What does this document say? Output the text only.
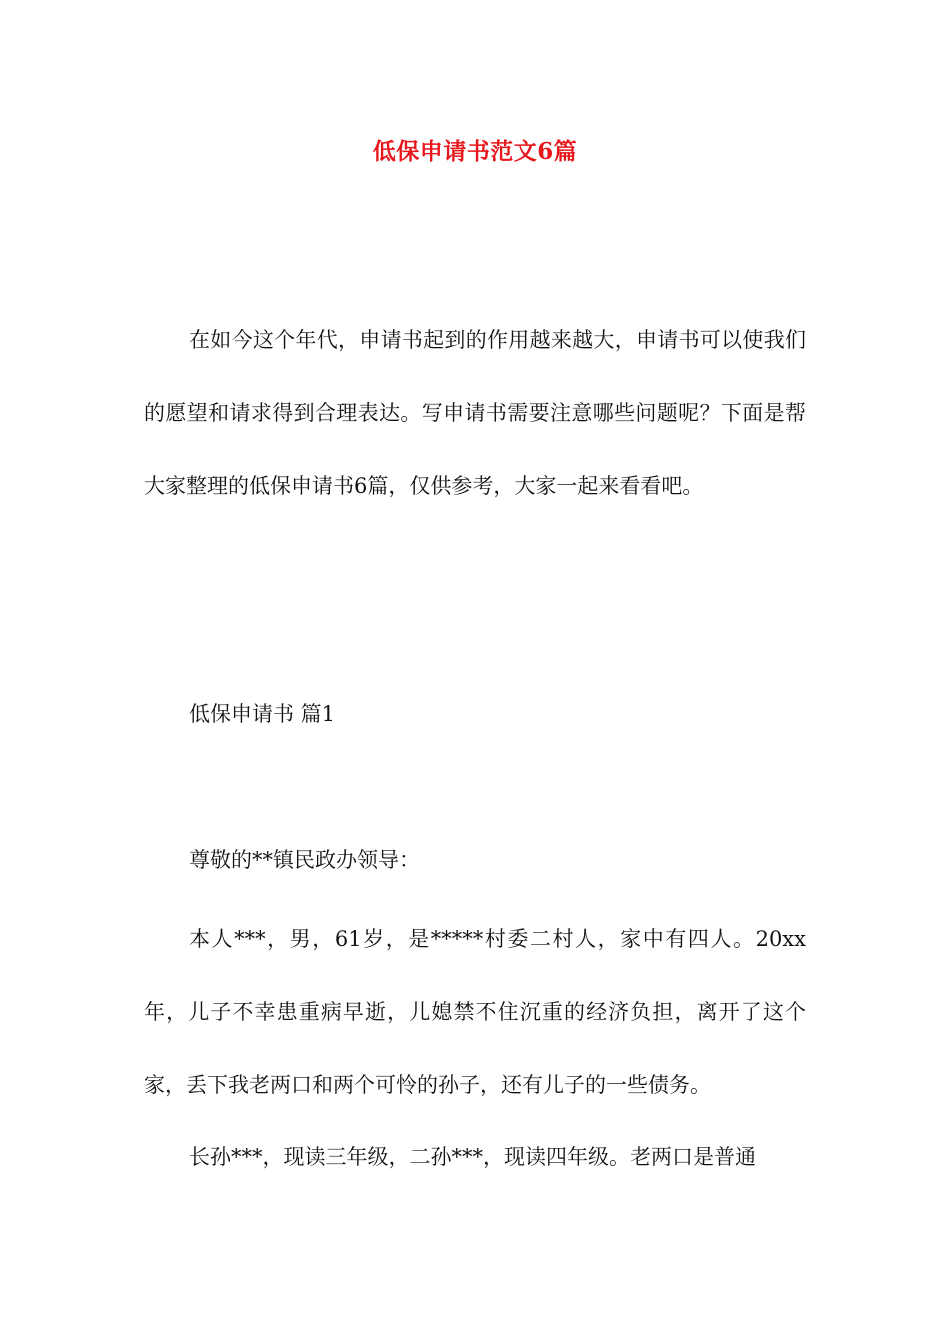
低保申请书范文6篇
在如今这个年代，申请书起到的作用越来越大，申请书可以使我们的愿望和请求得到合理表达。写申请书需要注意哪些问题呢？下面是帮大家整理的低保申请书6篇，仅供参考，大家一起来看看吧。
低保申请书 篇1
尊敬的**镇民政办领导：
本人***，男，61岁，是*****村委二村人，家中有四人。20xx年，儿子不幸患重病早逝，儿媳禁不住沉重的经济负担，离开了这个家，丢下我老两口和两个可怜的孙子，还有儿子的一些债务。
长孙***，现读三年级，二孙***，现读四年级。老两口是普通
